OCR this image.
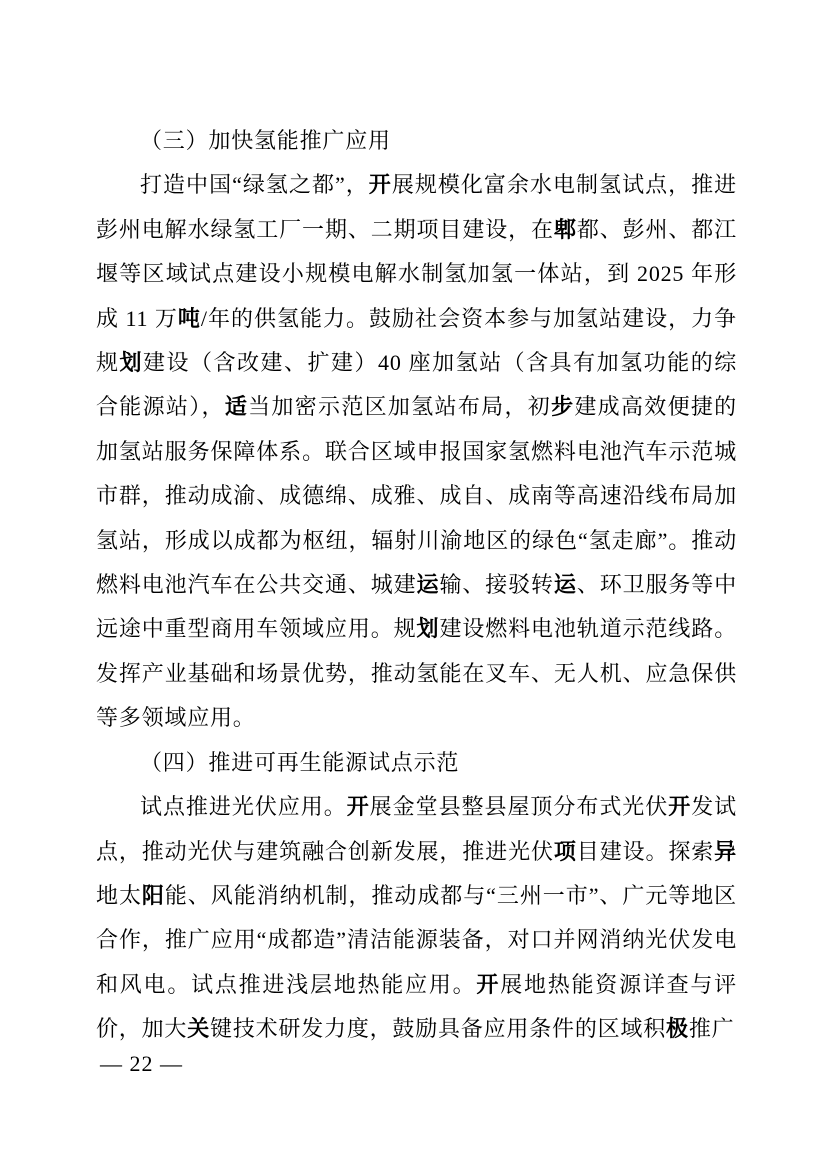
（三）加快氢能推广应用

打造中国“绿氢之都”，开展规模化富余水电制氢试点，推进彭州电解水绿氢工厂一期、二期项目建设，在郫都、彭州、都江堰等区域试点建设小规模电解水制氢加氢一体站，到 2025 年形成 11 万吨/年的供氢能力。鼓励社会资本参与加氢站建设，力争规划建设（含改建、扩建）40 座加氢站（含具有加氢功能的综合能源站），适当加密示范区加氢站布局，初步建成高效便捷的加氢站服务保障体系。联合区域申报国家氢燃料电池汽车示范城市群，推动成渝、成德绵、成雅、成自、成南等高速沿线布局加氢站，形成以成都为枢纽，辐射川渝地区的绿色“氢走廊”。推动燃料电池汽车在公共交通、城建运输、接驳转运、环卫服务等中远途中重型商用车领域应用。规划建设燃料电池轨道示范线路。发挥产业基础和场景优势，推动氢能在叉车、无人机、应急保供等多领域应用。

（四）推进可再生能源试点示范

试点推进光伏应用。开展金堂县整县屋顶分布式光伏开发试点，推动光伏与建筑融合创新发展，推进光伏项目建设。探索异地太阳能、风能消纳机制，推动成都与“三州一市”、广元等地区合作，推广应用“成都造”清洁能源装备，对口并网消纳光伏发电和风电。试点推进浅层地热能应用。开展地热能资源详查与评价，加大关键技术研发力度，鼓励具备应用条件的区域积极推广

— 22 —
